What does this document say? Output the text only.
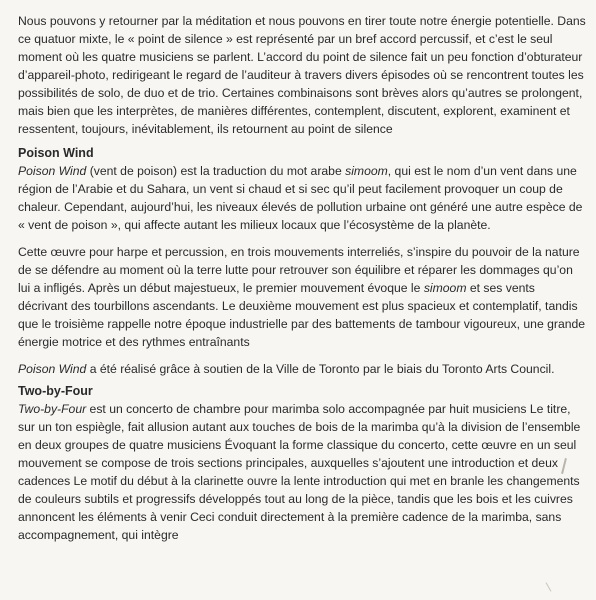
Nous pouvons y retourner par la méditation et nous pouvons en tirer toute notre énergie potentielle. Dans ce quatuor mixte, le « point de silence » est représenté par un bref accord percussif, et c’est le seul moment où les quatre musiciens se parlent. L’accord du point de silence fait un peu fonction d’obturateur d’appareil-photo, redirigeant le regard de l’auditeur à travers divers épisodes où se rencontrent toutes les possibilités de solo, de duo et de trio. Certaines combinaisons sont brèves alors qu’autres se prolongent, mais bien que les interprètes, de manières différentes, contemplent, discutent, explorent, examinent et ressentent, toujours, inévitablement, ils retournent au point de silence

Poison Wind

Poison Wind (vent de poison) est la traduction du mot arabe simoom, qui est le nom d’un vent dans une région de l’Arabie et du Sahara, un vent si chaud et si sec qu’il peut facilement provoquer un coup de chaleur. Cependant, aujourd’hui, les niveaux élevés de pollution urbaine ont généré une autre espèce de « vent de poison », qui affecte autant les milieux locaux que l’écosystème de la planète.

Cette œuvre pour harpe et percussion, en trois mouvements interreliés, s’inspire du pouvoir de la nature de se défendre au moment où la terre lutte pour retrouver son équilibre et réparer les dommages qu’on lui a infligés. Après un début majestueux, le premier mouvement évoque le simoom et ses vents décrivant des tourbillons ascendants. Le deuxième mouvement est plus spacieux et contemplatif, tandis que le troisième rappelle notre époque industrielle par des battements de tambour vigoureux, une grande énergie motrice et des rythmes entraînants

Poison Wind a été réalisé grâce à soutien de la Ville de Toronto par le biais du Toronto Arts Council.

Two-by-Four

Two-by-Four est un concerto de chambre pour marimba solo accompagnée par huit musiciens Le titre, sur un ton espiègle, fait allusion autant aux touches de bois de la marimba qu’à la division de l’ensemble en deux groupes de quatre musiciens Évoquant la forme classique du concerto, cette œuvre en un seul mouvement se compose de trois sections principales, auxquelles s’ajoutent une introduction et deux cadences Le motif du début à la clarinette ouvre la lente introduction qui met en branle les changements de couleurs subtils et progressifs développés tout au long de la pièce, tandis que les bois et les cuivres annoncent les éléments à venir Ceci conduit directement à la première cadence de la marimba, sans accompagnement, qui intègre
